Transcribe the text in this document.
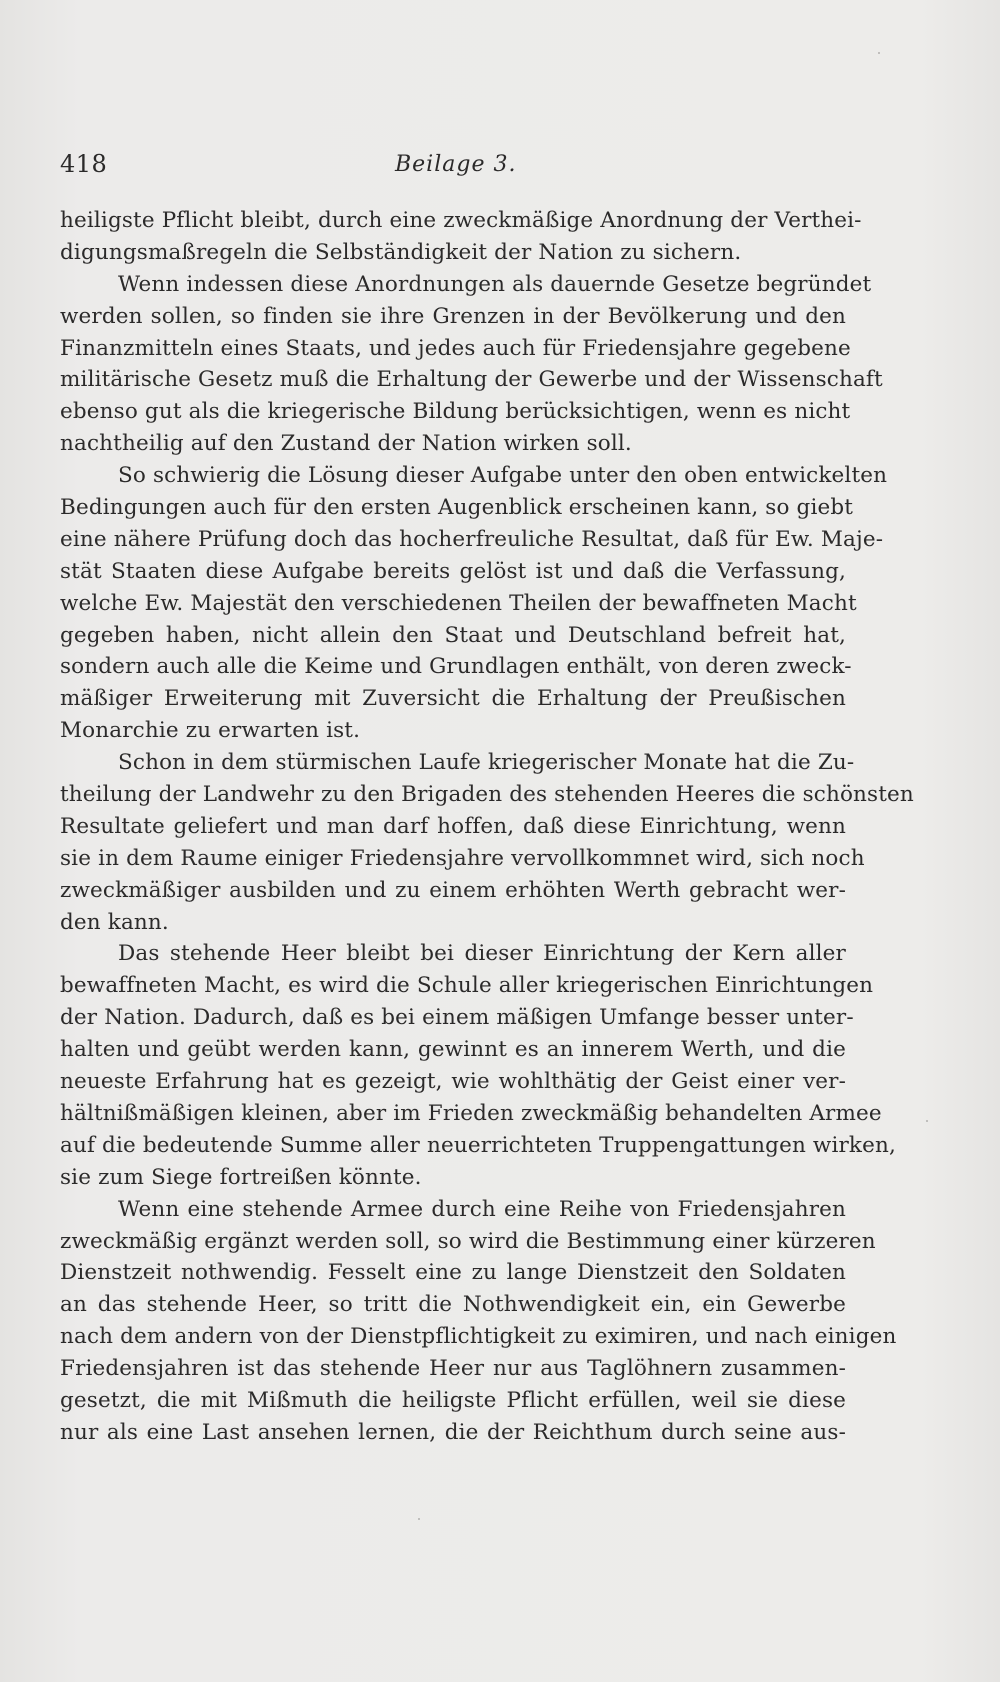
418	Beilage 3.
heiligste Pflicht bleibt, durch eine zweckmäßige Anordnung der Verthei-
digungsmaßregeln die Selbständigkeit der Nation zu sichern.
Wenn indessen diese Anordnungen als dauernde Gesetze begründet
werden sollen, so finden sie ihre Grenzen in der Bevölkerung und den
Finanzmitteln eines Staats, und jedes auch für Friedensjahre gegebene
militärische Gesetz muß die Erhaltung der Gewerbe und der Wissenschaft
ebenso gut als die kriegerische Bildung berücksichtigen, wenn es nicht
nachtheilig auf den Zustand der Nation wirken soll.
So schwierig die Lösung dieser Aufgabe unter den oben entwickelten
Bedingungen auch für den ersten Augenblick erscheinen kann, so giebt
eine nähere Prüfung doch das hocherfreuliche Resultat, daß für Ew. Maje-
stät Staaten diese Aufgabe bereits gelöst ist und daß die Verfassung,
welche Ew. Majestät den verschiedenen Theilen der bewaffneten Macht
gegeben haben, nicht allein den Staat und Deutschland befreit hat,
sondern auch alle die Keime und Grundlagen enthält, von deren zweck-
mäßiger Erweiterung mit Zuversicht die Erhaltung der Preußischen
Monarchie zu erwarten ist.
Schon in dem stürmischen Laufe kriegerischer Monate hat die Zu-
theilung der Landwehr zu den Brigaden des stehenden Heeres die schönsten
Resultate geliefert und man darf hoffen, daß diese Einrichtung, wenn
sie in dem Raume einiger Friedensjahre vervollkommnet wird, sich noch
zweckmäßiger ausbilden und zu einem erhöhten Werth gebracht wer-
den kann.
Das stehende Heer bleibt bei dieser Einrichtung der Kern aller
bewaffneten Macht, es wird die Schule aller kriegerischen Einrichtungen
der Nation. Dadurch, daß es bei einem mäßigen Umfange besser unter-
halten und geübt werden kann, gewinnt es an innerem Werth, und die
neueste Erfahrung hat es gezeigt, wie wohlthätig der Geist einer ver-
hältnißmäßigen kleinen, aber im Frieden zweckmäßig behandelten Armee
auf die bedeutende Summe aller neuerrichteten Truppengattungen wirken,
sie zum Siege fortreißen könnte.
Wenn eine stehende Armee durch eine Reihe von Friedensjahren
zweckmäßig ergänzt werden soll, so wird die Bestimmung einer kürzeren
Dienstzeit nothwendig. Fesselt eine zu lange Dienstzeit den Soldaten
an das stehende Heer, so tritt die Nothwendigkeit ein, ein Gewerbe
nach dem andern von der Dienstpflichtigkeit zu eximiren, und nach einigen
Friedensjahren ist das stehende Heer nur aus Taglöhnern zusammen-
gesetzt, die mit Mißmuth die heiligste Pflicht erfüllen, weil sie diese
nur als eine Last ansehen lernen, die der Reichthum durch seine aus-
